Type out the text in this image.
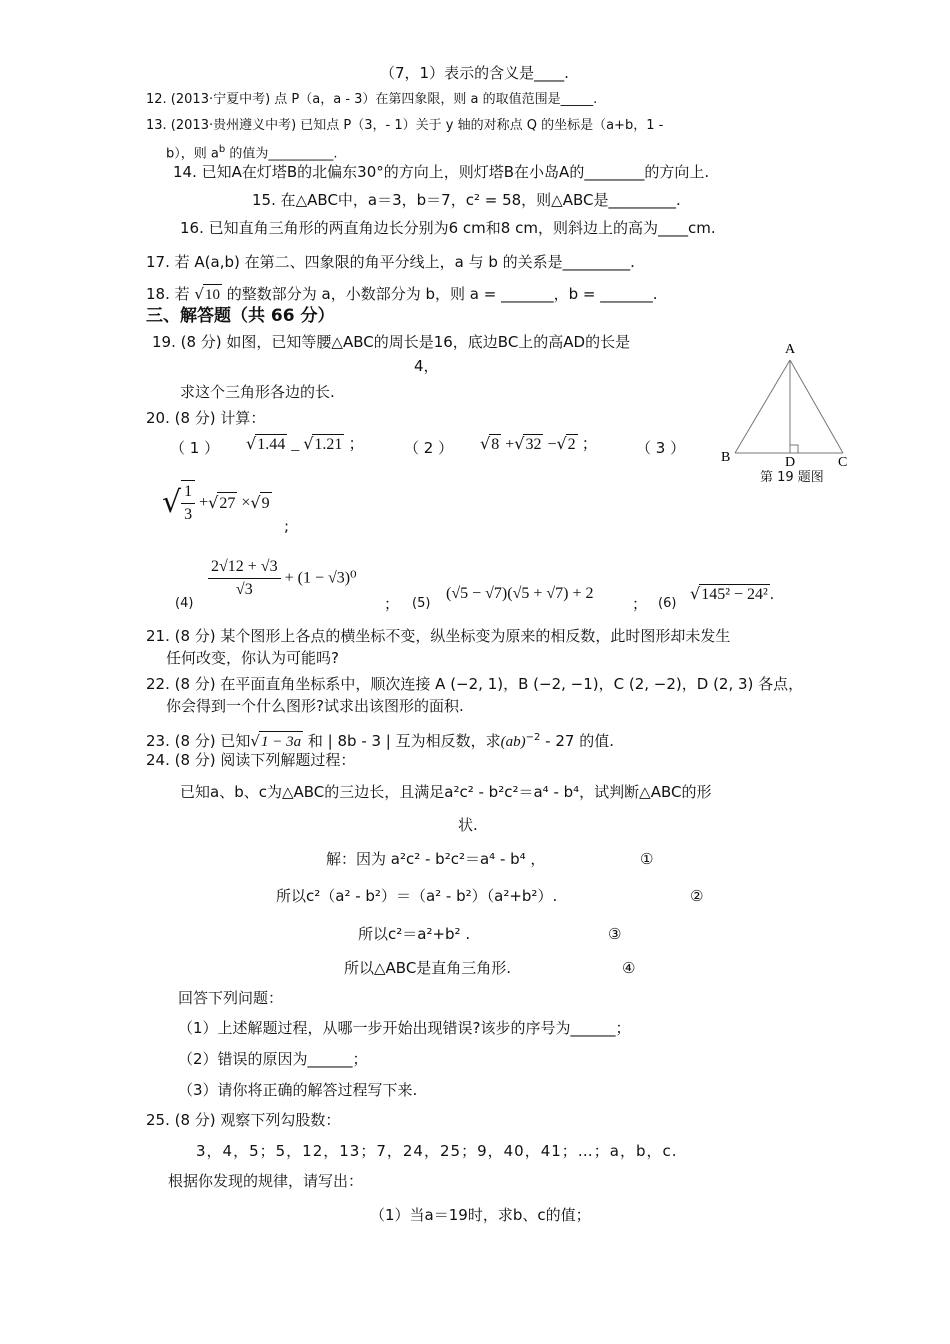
（7，1）表示的含义是____.
12. (2013·宁夏中考) 点 P（a，a - 3）在第四象限，则 a 的取值范围是_____.
13. (2013·贵州遵义中考) 已知点 P（3，- 1）关于 y 轴的对称点 Q 的坐标是（a+b，1 -
b），则 $a^b$ 的值为__________.
14. 已知A在灯塔B的北偏东30°的方向上，则灯塔B在小岛A的________的方向上.
15. 在△ABC中，a＝3，b＝7，c² = 58，则△ABC是_________.
16. 已知直角三角形的两直角边长分别为6 cm和8 cm，则斜边上的高为____cm.
17. 若 A(a,b) 在第二、四象限的角平分线上，a 与 b 的关系是_________.
18. 若 √10 的整数部分为 a，小数部分为 b，则 a = _______，b = _______.
三、解答题（共 66 分）
19. (8 分) 如图，已知等腰△ABC的周长是16，底边BC上的高AD的长是
4，
求这个三角形各边的长.
A
B	C
D
第 19 题图
20. (8 分) 计算：
（ 1 ） √1.44 _ √1.21 ；	（ 2 ） √8 +√32 −√2 ；	（ 3 ）
√ $\frac{1}{3} +√27 \times√9$
;
(4)
$\frac{2√12 + √3}{√3} + (1 - √3)^0$
； (5)
(√5 − √7)(√5 + √7) + 2
； (6)
√145² − 24² .
21. (8 分) 某个图形上各点的横坐标不变，纵坐标变为原来的相反数，此时图形却未发生
任何改变，你认为可能吗?
22. (8 分) 在平面直角坐标系中，顺次连接 A (−2, 1)，B (−2, −1)，C (2, −2)，D (2, 3) 各点，
你会得到一个什么图形?试求出该图形的面积.
23. (8 分) 已知√1 − 3a 和 | 8b - 3 | 互为相反数，求(ab)$^{-2}$ - 27 的值.
24. (8 分) 阅读下列解题过程：
已知a、b、c为△ABC的三边长，且满足a²c² - b²c²＝a⁴ - b⁴，试判断△ABC的形
状.
解：因为 a²c² - b²c²＝a⁴ - b⁴ ，	①
所以c²（a² - b²）＝（a² - b²）（a²+b²）.	②
所以c²＝a²+b² .	③
所以△ABC是直角三角形.	④
回答下列问题：
（1）上述解题过程，从哪一步开始出现错误?该步的序号为______；
（2）错误的原因为______；
（3）请你将正确的解答过程写下来.
25. (8 分) 观察下列勾股数：
3，4，5；5，12，13；7，24，25；9，40，41；…；a，b，c.
根据你发现的规律，请写出：
（1）当a＝19时，求b、c的值；
